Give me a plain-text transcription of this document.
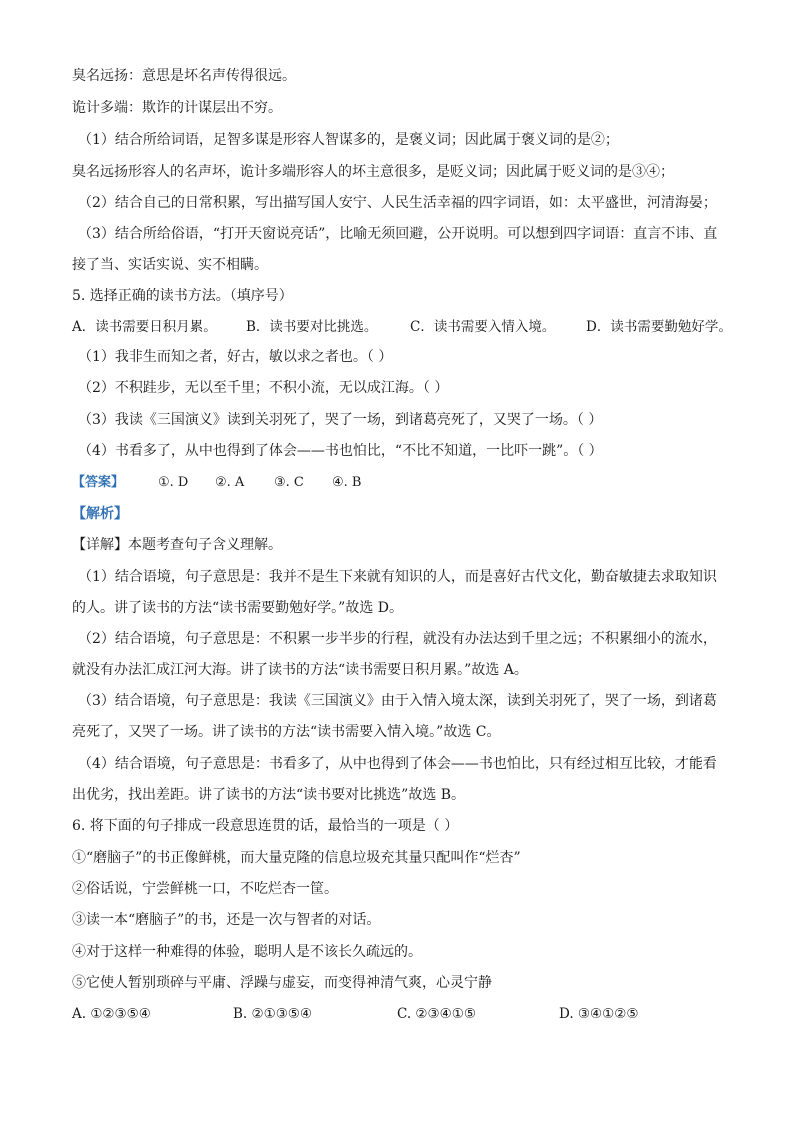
臭名远扬：意思是坏名声传得很远。

诡计多端：欺诈的计谋层出不穷。

（1）结合所给词语，足智多谋是形容人智谋多的，是褒义词；因此属于褒义词的是②；

臭名远扬形容人的名声坏，诡计多端形容人的坏主意很多，是贬义词；因此属于贬义词的是③④；

（2）结合自己的日常积累，写出描写国人安宁、人民生活幸福的四字词语，如：太平盛世，河清海晏；

（3）结合所给俗语，“打开天窗说亮话”，比喻无须回避，公开说明。可以想到四字词语：直言不讳、直

接了当、实话实说、实不相瞒。

5. 选择正确的读书方法。（填序号）

A．读书需要日积月累。 B．读书要对比挑选。 C．读书需要入情入境。 D．读书需要勤勉好学。

（1）我非生而知之者，好古，敏以求之者也。（ ）

（2）不积跬步，无以至千里；不积小流，无以成江海。（ ）

（3）我读《三国演义》读到关羽死了，哭了一场，到诸葛亮死了，又哭了一场。（ ）

（4）书看多了，从中也得到了体会——书也怕比，“不比不知道，一比吓一跳”。（ ）

【答案】	①. D ②. A ③. C ④. B

【解析】

【详解】本题考查句子含义理解。

（1）结合语境，句子意思是：我并不是生下来就有知识的人，而是喜好古代文化，勤奋敏捷去求取知识

的人。讲了读书的方法“读书需要勤勉好学。”故选 D。

（2）结合语境，句子意思是：不积累一步半步的行程，就没有办法达到千里之远；不积累细小的流水，

就没有办法汇成江河大海。讲了读书的方法“读书需要日积月累。”故选 A。

（3）结合语境，句子意思是：我读《三国演义》由于入情入境太深，读到关羽死了，哭了一场，到诸葛

亮死了，又哭了一场。讲了读书的方法“读书需要入情入境。”故选 C。

（4）结合语境，句子意思是：书看多了，从中也得到了体会——书也怕比，只有经过相互比较，才能看

出优劣，找出差距。讲了读书的方法“读书要对比挑选”故选 B。

6. 将下面的句子排成一段意思连贯的话，最恰当的一项是（ ）

①“磨脑子”的书正像鲜桃，而大量克隆的信息垃圾充其量只配叫作“烂杏”

②俗话说，宁尝鲜桃一口，不吃烂杏一筐。

③读一本“磨脑子”的书，还是一次与智者的对话。

④对于这样一种难得的体验，聪明人是不该长久疏远的。

⑤它使人暂别琐碎与平庸、浮躁与虚妄，而变得神清气爽，心灵宁静

A. ①②③⑤④	B. ②①③⑤④	C. ②③④①⑤	D. ③④①②⑤
